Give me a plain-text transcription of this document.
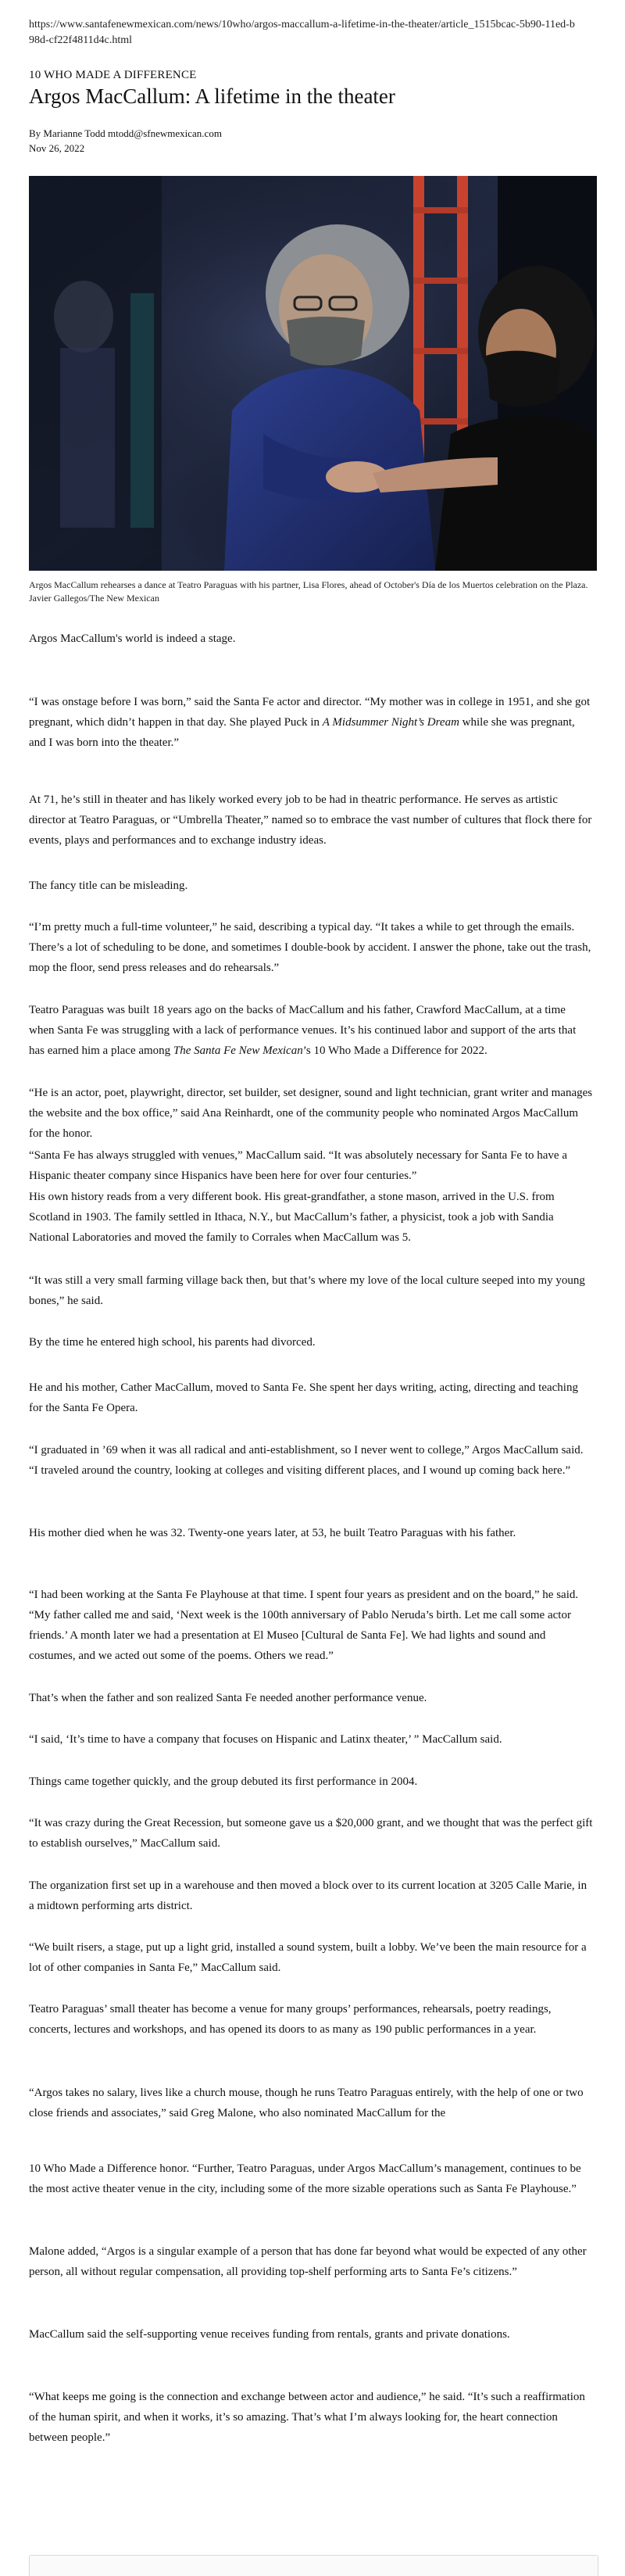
https://www.santafenewmexican.com/news/10who/argos-maccallum-a-lifetime-in-the-theater/article_1515bcac-5b90-11ed-b98d-cf22f4811d4c.html
10 WHO MADE A DIFFERENCE
Argos MacCallum: A lifetime in the theater
By Marianne Todd mtodd@sfnewmexican.com
Nov 26, 2022
Argos MacCallum rehearses a dance at Teatro Paraguas with his partner, Lisa Flores, ahead of October's Día de los Muertos celebration on the Plaza.
Javier Gallegos/The New Mexican

Argos MacCallum's world is indeed a stage.

“I was onstage before I was born,” said the Santa Fe actor and director. “My mother was in college in 1951, and she got pregnant, which didn’t happen in that day. She played Puck in A Midsummer Night’s Dream while she was pregnant, and I was born into the theater.”

At 71, he’s still in theater and has likely worked every job to be had in theatric performance. He serves as artistic director at Teatro Paraguas, or “Umbrella Theater,” named so to embrace the vast number of cultures that flock there for events, plays and performances and to exchange industry ideas.

The fancy title can be misleading.

“I’m pretty much a full-time volunteer,” he said, describing a typical day. “It takes a while to get through the emails. There’s a lot of scheduling to be done, and sometimes I double-book by accident. I answer the phone, take out the trash, mop the floor, send press releases and do rehearsals.”

Teatro Paraguas was built 18 years ago on the backs of MacCallum and his father, Crawford MacCallum, at a time when Santa Fe was struggling with a lack of performance venues. It’s his continued labor and support of the arts that has earned him a place among The Santa Fe New Mexican’s 10 Who Made a Difference for 2022.

“He is an actor, poet, playwright, director, set builder, set designer, sound and light technician, grant writer and manages the website and the box office,” said Ana Reinhardt, one of the community people who nominated Argos MacCallum for the honor.

“Santa Fe has always struggled with venues,” MacCallum said. “It was absolutely necessary for Santa Fe to have a Hispanic theater company since Hispanics have been here for over four centuries.”

His own history reads from a very different book. His great-grandfather, a stone mason, arrived in the U.S. from Scotland in 1903. The family settled in Ithaca, N.Y., but MacCallum’s father, a physicist, took a job with Sandia National Laboratories and moved the family to Corrales when MacCallum was 5.

“It was still a very small farming village back then, but that’s where my love of the local culture seeped into my young bones,” he said.

By the time he entered high school, his parents had divorced.

He and his mother, Cather MacCallum, moved to Santa Fe. She spent her days writing, acting, directing and teaching for the Santa Fe Opera.

“I graduated in ’69 when it was all radical and anti-establishment, so I never went to college,” Argos MacCallum said. “I traveled around the country, looking at colleges and visiting different places, and I wound up coming back here.”

His mother died when he was 32. Twenty-one years later, at 53, he built Teatro Paraguas with his father.

“I had been working at the Santa Fe Playhouse at that time. I spent four years as president and on the board,” he said. “My father called me and said, ‘Next week is the 100th anniversary of Pablo Neruda’s birth. Let me call some actor friends.’ A month later we had a presentation at El Museo [Cultural de Santa Fe]. We had lights and sound and costumes, and we acted out some of the poems. Others we read.”

That’s when the father and son realized Santa Fe needed another performance venue.

“I said, ‘It’s time to have a company that focuses on Hispanic and Latinx theater,’ ” MacCallum said.

Things came together quickly, and the group debuted its first performance in 2004.

“It was crazy during the Great Recession, but someone gave us a $20,000 grant, and we thought that was the perfect gift to establish ourselves,” MacCallum said.

The organization first set up in a warehouse and then moved a block over to its current location at 3205 Calle Marie, in a midtown performing arts district.

“We built risers, a stage, put up a light grid, installed a sound system, built a lobby. We’ve been the main resource for a lot of other companies in Santa Fe,” MacCallum said.

Teatro Paraguas’ small theater has become a venue for many groups’ performances, rehearsals, poetry readings, concerts, lectures and workshops, and has opened its doors to as many as 190 public performances in a year.

“Argos takes no salary, lives like a church mouse, though he runs Teatro Paraguas entirely, with the help of one or two close friends and associates,” said Greg Malone, who also nominated MacCallum for the

10 Who Made a Difference honor. “Further, Teatro Paraguas, under Argos MacCallum’s management, continues to be the most active theater venue in the city, including some of the more sizable operations such as Santa Fe Playhouse.”

Malone added, “Argos is a singular example of a person that has done far beyond what would be expected of any other person, all without regular compensation, all providing top-shelf performing arts to Santa Fe’s citizens.”

MacCallum said the self-supporting venue receives funding from rentals, grants and private donations.

“What keeps me going is the connection and exchange between actor and audience,” he said. “It’s such a reaffirmation of the human spirit, and when it works, it’s so amazing. That’s what I’m always looking for, the heart connection between people.”
